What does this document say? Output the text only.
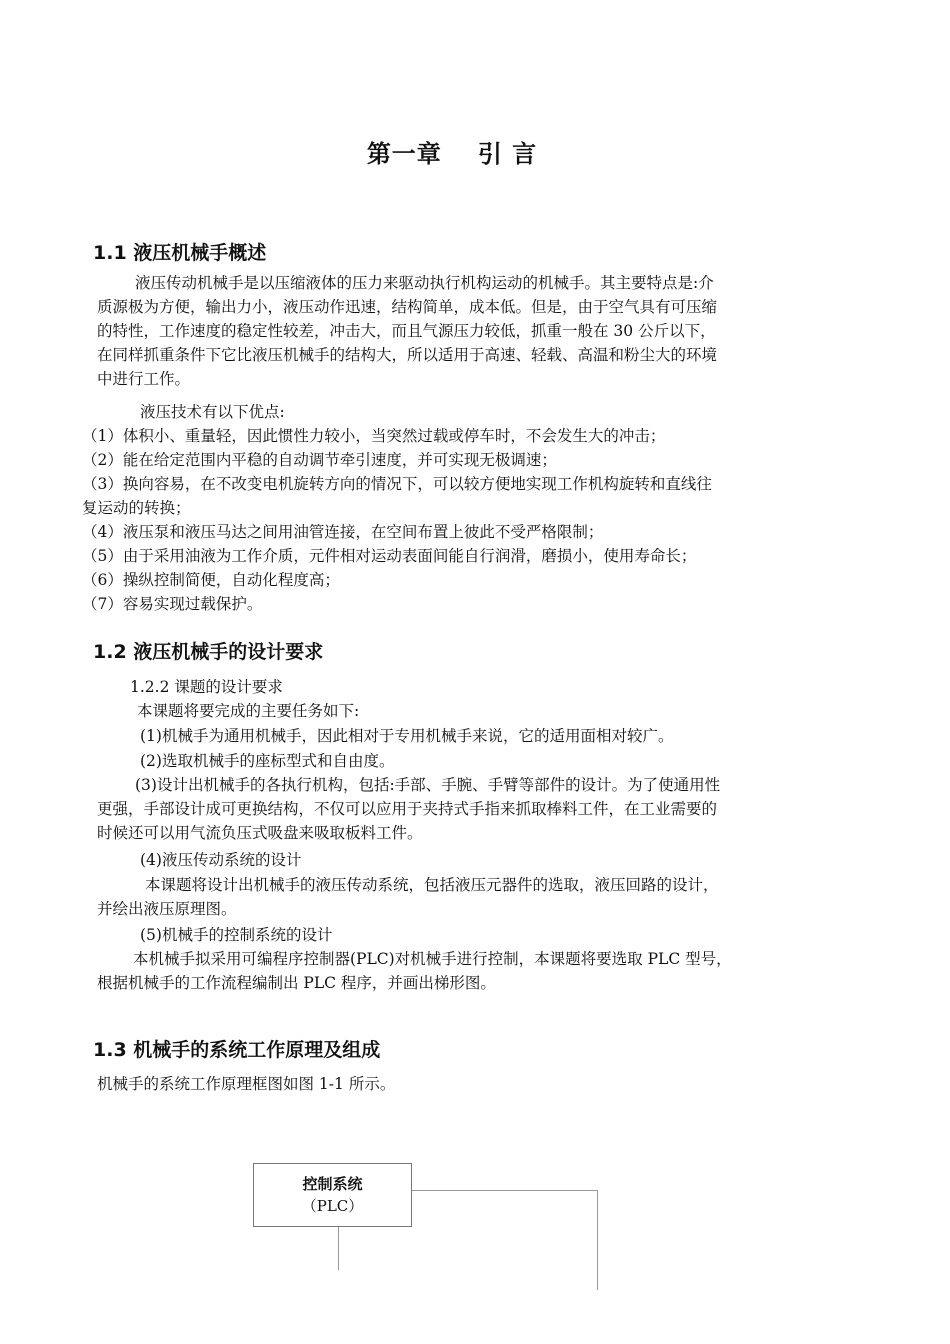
第一章 引 言
1.1 液压机械手概述
液压传动机械手是以压缩液体的压力来驱动执行机构运动的机械手。其主要特点是:介
质源极为方便，输出力小，液压动作迅速，结构简单，成本低。但是，由于空气具有可压缩
的特性，工作速度的稳定性较差，冲击大，而且气源压力较低，抓重一般在 30 公斤以下，
在同样抓重条件下它比液压机械手的结构大，所以适用于高速、轻载、高温和粉尘大的环境
中进行工作。
液压技术有以下优点:
（1）体积小、重量轻，因此惯性力较小，当突然过载或停车时，不会发生大的冲击；
（2）能在给定范围内平稳的自动调节牵引速度，并可实现无极调速；
（3）换向容易，在不改变电机旋转方向的情况下，可以较方便地实现工作机构旋转和直线往
复运动的转换；
（4）液压泵和液压马达之间用油管连接，在空间布置上彼此不受严格限制；
（5）由于采用油液为工作介质，元件相对运动表面间能自行润滑，磨损小，使用寿命长；
（6）操纵控制简便，自动化程度高；
（7）容易实现过载保护。
1.2 液压机械手的设计要求
1.2.2 课题的设计要求
本课题将要完成的主要任务如下:
(1)机械手为通用机械手，因此相对于专用机械手来说，它的适用面相对较广。
(2)选取机械手的座标型式和自由度。
(3)设计出机械手的各执行机构，包括:手部、手腕、手臂等部件的设计。为了使通用性
更强，手部设计成可更换结构，不仅可以应用于夹持式手指来抓取棒料工件，在工业需要的
时候还可以用气流负压式吸盘来吸取板料工件。
(4)液压传动系统的设计
本课题将设计出机械手的液压传动系统，包括液压元器件的选取，液压回路的设计，
并绘出液压原理图。
(5)机械手的控制系统的设计
本机械手拟采用可编程序控制器(PLC)对机械手进行控制，本课题将要选取 PLC 型号，
根据机械手的工作流程编制出 PLC 程序，并画出梯形图。
1.3 机械手的系统工作原理及组成
机械手的系统工作原理框图如图 1-1 所示。
控制系统
（PLC）
